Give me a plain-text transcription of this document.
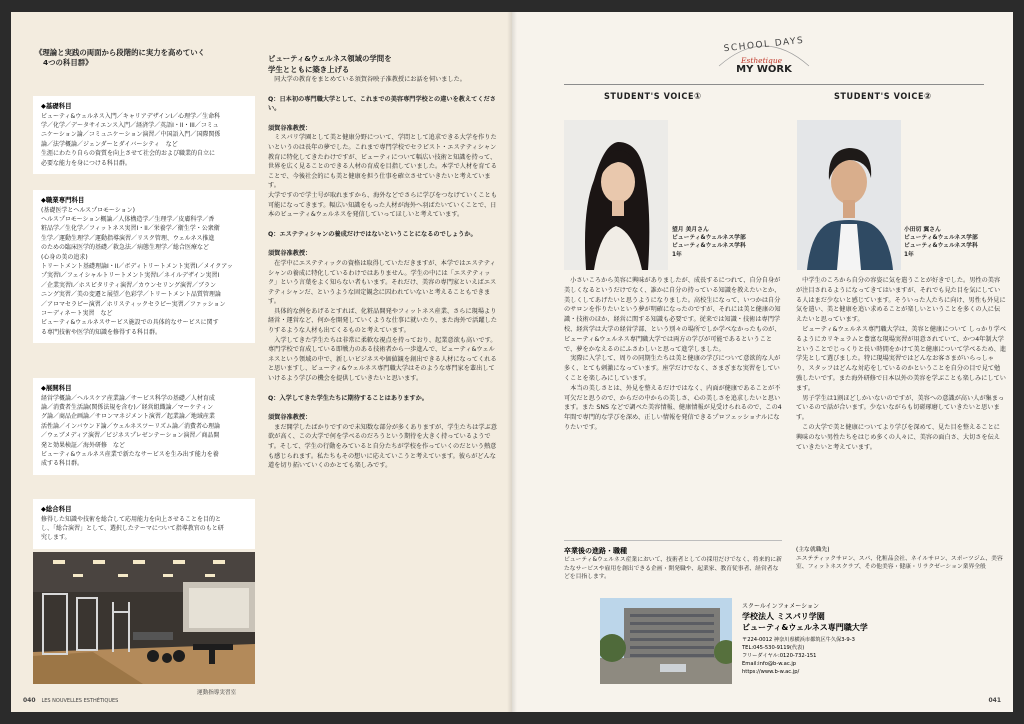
《理論と実践の両面から段階的に実力を高めていく
4つの科目群》
◆基礎科目
ビューティ&ウェルネス入門／キャリアデザインI／心理学／生命科
学／化学／データサイエンス入門／経済学／英語I・II・III／コミュ
ニケーション論／コミュニケーション演習／中国語入門／国際関係
論／法学概論／ジェンダーとダイバーシティ　など
生涯にわたり自らの資質を向上させて社会的および職業的自立に
必要な能力を身につける科目群。
◆職業専門科目
(基礎医学とヘルスプロモーション)
ヘルスプロモーション概論／人体構造学／生理学／皮膚科学／香
粧品学／生化学／フィットネス実習I・II／栄養学／衛生学・公衆衛
生学／運動生理学／運動指導演習／リスク管理、ウェルネス推進
のための臨床医学的基礎／救急法／病態生理学／総合医療など
(心身の美の追求)
トリートメント基礎理論I・II／ボディトリートメント実習I／メイクアッ
プ実習I／フェイシャルトリートメント実習I／ネイルデザイン実習I
／企業実習I／ホスピタリティ演習／カウンセリング演習／ブラン
ニング実習／美の変遷と展望／色彩学／トリートメント品質管理論
／アロマセラピー演習／ホリスティックセラピー実習／ファッション
コーディネート実習　など
ビューティ&ウェルネスサービス施設での具体的なサービスに関す
る専門技術や医学的知識を修得する科目群。
◆展開科目
経営学概論／ヘルスケア産業論／サービス科学の基礎／人材育成
論／消費者生活論(関係法規を含む)／経営組織論／マーケティン
グ論／商品企画論／サロンマネジメント演習／起業論／地域産業
活性論／インバウンド論／ウェルネスツーリズム論／消費者心理論
／ウェブメディア演習／ビジネスプレゼンテーション演習／商品開
発と効果検証／海外研修　など
ビューティ&ウェルネス産業で新たなサービスを生み出す能力を養
成する科目群。
◆総合科目
修得した知識や技術を総合して応用能力を向上させることを目的と
し、「総合演習」として、選択したテーマについて指導教官のもと研
究します。
運動指導実習室
ビューティ&ウェルネス領域の学問を
学生とともに築き上げる

　同大学の教育をまとめている須賀谷映子准教授にお話を伺いました。

Q：日本初の専門職大学として、これまでの美容専門学校との違いを教えてください。

須賀谷准教授：

　ミスパリ学園として美と健康分野について、学問として追求できる大学を作りたいというのは長年の夢でした。これまで専門学校でセラピスト・エステティシャン教育に特化してきたわけですが、ビューティについて幅広い技術と知識を持って、世界を広く見ることのできる人材の育成を目指していました。本学で人材を育てることで、今後社会的にも美と健康を担う仕事を確立させていきたいと考えています。

大学ですので学士号が取れますから、海外などでさらに学びをつなげていくことも可能になってきます。幅広い知識をもった人材が海外へ羽ばたいていくことで、日本のビューティ&ウェルネスを発信していってほしいと考えています。

Q：エステティシャンの養成だけではないということになるのでしょうか。

須賀谷准教授：

　在学中にエステティックの資格は取得していただきますが、本学ではエステティシャンの養成に特化しているわけではありません。学生の中には「エステティック」という言葉をよく知らない者もいます。それだけ、美容の専門家といえばエステティシャンだ、というような固定観念に囚われていないと考えることもできます。

　具体的な例をあげるとすれば、化粧品開発やフィットネス産業、さらに現場より経営・運営など、何かを開発していくような仕事に就いたり、また海外で活躍したりするような人材も出てくるものと考えています。

　入学してきた学生たちは非常に柔軟な視点を持っており、起業意欲も高いです。専門学校で育成している即戦力のある技術者から一歩進んで、ビューティ&ウェルネスという領域の中で、新しいビジネスや価値観を創出できる人材になってくれると思いますし、ビューティ&ウェルネス専門職大学はそのような専門家を輩出していけるよう学びの機会を提供していきたいと思います。

Q：入学してきた学生たちに期待することはありますか。

須賀谷准教授：

　まだ開学したばかりですので未知数な部分が多くありますが、学生たちは学ぶ意欲が高く、この大学で何を学べるのだろうという期待を大きく持っているようです。そして、学生の行動をみていると自分たちが学校を作っていくのだという熱意も感じられます。私たちもその想いに応えていこうと考えています。彼らがどんな道を切り拓いていくのかとても楽しみです。

040 LES NOUVELLES ESTHÉTIQUES
SCHOOL DAYS
Esthetique
MY WORK
STUDENT'S VOICE①	STUDENT'S VOICE②
望月 美月さん
ビューティ&ウェルネス学部
ビューティ&ウェルネス学科
1年
小田切 翼さん
ビューティ&ウェルネス学部
ビューティ&ウェルネス学科
1年

　小さいころから美容に興味がありましたが、成長するにつれて、自分自身が美しくなるというだけでなく、誰かに自分の持っている知識を教えたいとか、美しくしてあげたいと思うようになりました。高校生になって、いつかは自分のサロンを作りたいという夢が明確になったのですが、それには美と健康の知識・技術のほか、経営に関する知識も必要です。従来では知識・技術は専門学校、経営学は大学の経営学部、という別々の場所でしか学べなかったものが、ビューティ&ウェルネス専門職大学では両方の学びが可能であるということで、夢をかなえるのにふさわしいと思って進学しました。

　実際に入学して、周りの同期生たちは美と健康の学びについて意欲的な人が多く、とても刺激になっています。座学だけでなく、さまざまな実習をしていくことを楽しみにしています。

　本当の美しさとは、外見を整えるだけではなく、内面が健康であることが不可欠だと思うので、からだの中からの美しさ、心の美しさを追求したいと思います。また SNS などで調べた美容情報、健康情報が見受けられるので、この4年間で専門的な学びを深め、正しい情報を発信できるプロフェッショナルになりたいです。

　中学生のころから自分の容姿に気を遣うことが好きでした。男性の美容が注目されるようになってきてはいますが、それでも見た目を気にしている人はまだ少ないと感じています。そういった人たちに向け、男性も外見に気を遣い、美と健康を追い求めることが楽しいということを多くの人に伝えたいと思っています。

　ビューティ&ウェルネス専門職大学は、美容と健康について しっかり学べるようにカリキュラムと豊富な現場実習が用意されていて、かつ4年制大学ということでじっくりと長い時間をかけて美と健康について学べるため、進学先として選びました。特に現場実習ではどんなお客さまがいらっしゃり、スタッフはどんな対応をしているのかということを自分の目で見て勉強したいです。また海外研修で日本以外の美容を学ぶことも楽しみにしています。

　男子学生は1割ほどしかいないのですが、美容への意識が高い人が集まっているので話が合います。少ないながらも切磋琢磨していきたいと思います。

　この大学で美と健康についてより学びを深めて、見た目を整えることに興味のない男性たちをはじめ多くの人々に、美容の面白さ、大切さを伝えていきたいと考えています。

卒業後の進路・職種
ビューティ&ウェルネス産業において、技術者としての採用だけでなく、将来的に新たなサービスや雇用を創出できる企画・開発職や、起業家、教育従事者、経営者などを目指します。
(主な就職先)
エステティックサロン、スパ、化粧品会社、ネイルサロン、スポーツジム、美容室、フィットネスクラブ、その他美容・健康・リラクゼーション業界全般
スクールインフォメーション
学校法人 ミスパリ学園
ビューティ&ウェルネス専門職大学
〒224-0012 神奈川県横浜市都筑区牛久保3-9-3
TEL:045-530-9119(代表)
フリーダイヤル:0120-732-151
Email:info@b-w.ac.jp
https://www.b-w.ac.jp/
041
